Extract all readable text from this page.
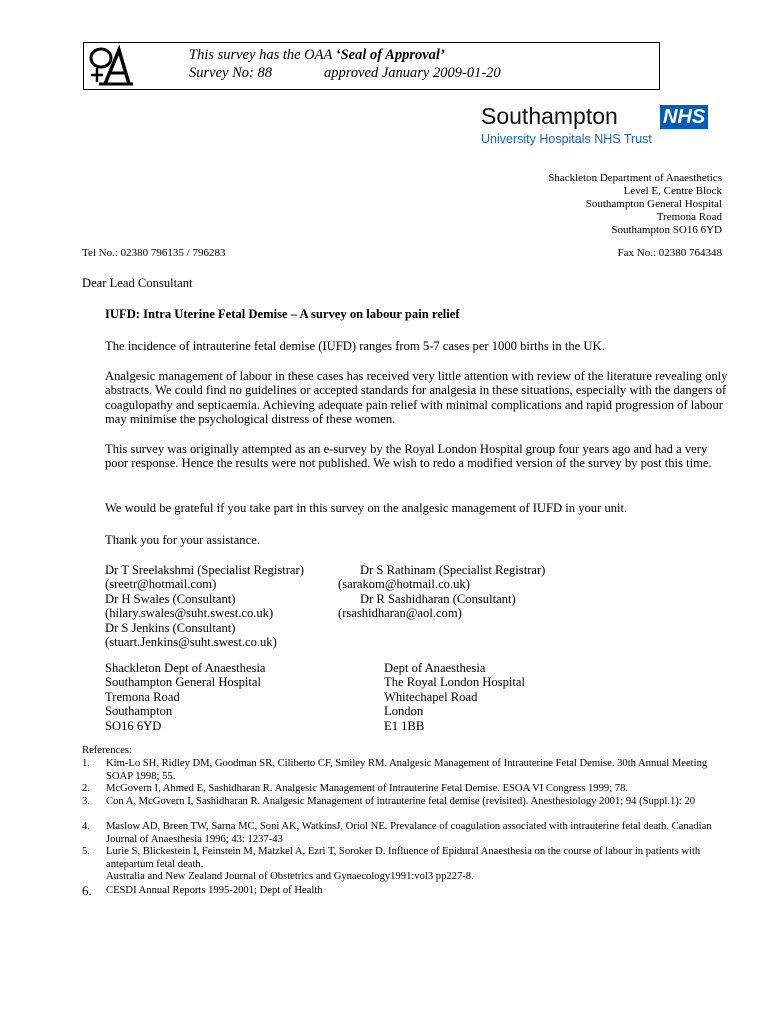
This survey has the OAA ‘Seal of Approval’
Survey No: 88	approved January 2009-01-20
Southampton NHS
University Hospitals NHS Trust
Shackleton Department of Anaesthetics
Level E, Centre Block
Southampton General Hospital
Tremona Road
Southampton SO16 6YD
Tel No.: 02380 796135 / 796283	Fax No.: 02380 764348
Dear Lead Consultant
IUFD: Intra Uterine Fetal Demise – A survey on labour pain relief
The incidence of intrauterine fetal demise (IUFD) ranges from 5-7 cases per 1000 births in the UK.
Analgesic management of labour in these cases has received very little attention with review of the literature revealing only abstracts. We could find no guidelines or accepted standards for analgesia in these situations, especially with the dangers of coagulopathy and septicaemia. Achieving adequate pain relief with minimal complications and rapid progression of labour may minimise the psychological distress of these women.
This survey was originally attempted as an e-survey by the Royal London Hospital group four years ago and had a very poor response. Hence the results were not published. We wish to redo a modified version of the survey by post this time.
We would be grateful if you take part in this survey on the analgesic management of IUFD in your unit.
Thank you for your assistance.
Dr T Sreelakshmi (Specialist Registrar)
(sreetr@hotmail.com)
Dr H Swales (Consultant)
(hilary.swales@suht.swest.co.uk)
Dr S Jenkins (Consultant)
(stuart.Jenkins@suht.swest.co.uk)
Dr S Rathinam (Specialist Registrar)
(sarakom@hotmail.co.uk)
Dr R Sashidharan (Consultant)
(rsashidharan@aol.com)
Shackleton Dept of Anaesthesia
Southampton General Hospital
Tremona Road
Southampton
SO16 6YD
Dept of Anaesthesia
The Royal London Hospital
Whitechapel Road
London
E1 1BB
References:
1. Kim-Lo SH, Ridley DM, Goodman SR, Ciliberto CF, Smiley RM. Analgesic Management of Intrauterine Fetal Demise. 30th Annual Meeting SOAP 1998; 55.
2. McGovern I, Ahmed E, Sashidharan R. Analgesic Management of Intrauterine Fetal Demise. ESOA VI Congress 1999; 78.
3. Con A, McGovern I, Sashidharan R. Analgesic Management of intrauterine fetal demise (revisited). Anesthesiology 2001; 94 (Suppl.1): 20
4. Maslow AD, Breen TW, Sarna MC, Soni AK, WatkinsJ, Oriol NE. Prevalance of coagulation associated with intrauterine fetal death. Canadian Journal of Anaesthesia 1996; 43: 1237-43
5. Lurie S, Blickestein I, Feinstein M, Matzkel A, Ezri T, Soroker D. Influence of Epidural Anaesthesia on the course of labour in patients with antepartum fetal death.
Australia and New Zealand Journal of Obstetrics and Gynaecology1991:vol3 pp227-8.
6. CESDI Annual Reports 1995-2001; Dept of Health
